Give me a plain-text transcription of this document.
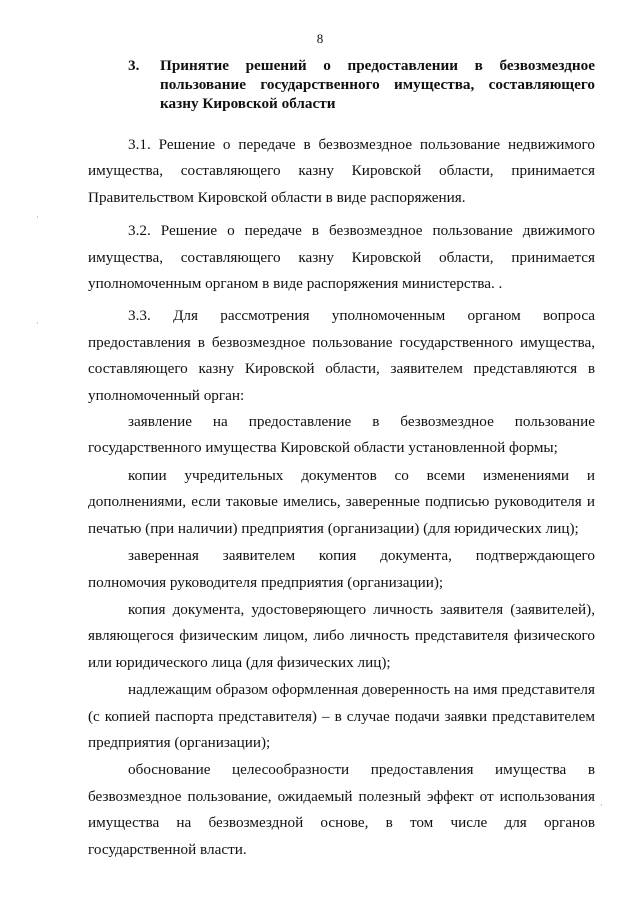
8
3. Принятие решений о предоставлении в безвозмездное пользование государственного имущества, составляющего казну Кировской области

3.1. Решение о передаче в безвозмездное пользование недвижимого имущества, составляющего казну Кировской области, принимается Правительством Кировской области в виде распоряжения.

3.2. Решение о передаче в безвозмездное пользование движимого имущества, составляющего казну Кировской области, принимается уполномоченным органом в виде распоряжения министерства. .

3.3. Для рассмотрения уполномоченным органом вопроса предоставления в безвозмездное пользование государственного имущества, составляющего казну Кировской области, заявителем представляются в уполномоченный орган:

заявление на предоставление в безвозмездное пользование государственного имущества Кировской области установленной формы;

копии учредительных документов со всеми изменениями и дополнениями, если таковые имелись, заверенные подписью руководителя и печатью (при наличии) предприятия (организации) (для юридических лиц);

заверенная заявителем копия документа, подтверждающего полномочия руководителя предприятия (организации);

копия документа, удостоверяющего личность заявителя (заявителей), являющегося физическим лицом, либо личность представителя физического или юридического лица (для физических лиц);

надлежащим образом оформленная доверенность на имя представителя (с копией паспорта представителя) – в случае подачи заявки представителем предприятия (организации);

обоснование целесообразности предоставления имущества в безвозмездное пользование, ожидаемый полезный эффект от использования имущества на безвозмездной основе, в том числе для органов государственной власти.

·
·
·
